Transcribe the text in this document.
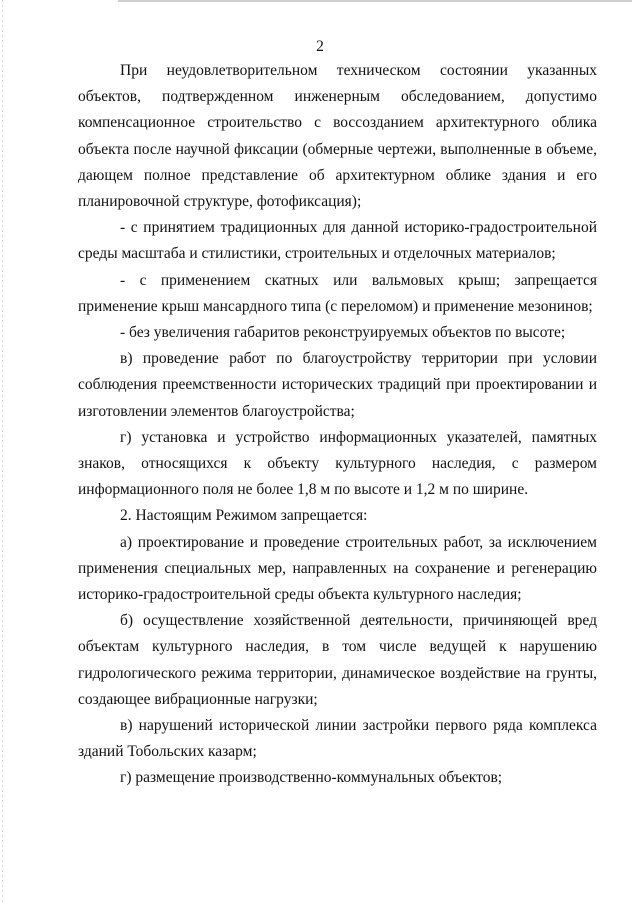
2

При неудовлетворительном техническом состоянии указанных объектов, подтвержденном инженерным обследованием, допустимо компенсационное строительство с воссозданием архитектурного облика объекта после научной фиксации (обмерные чертежи, выполненные в объеме, дающем полное представление об архитектурном облике здания и его планировочной структуре, фотофиксация);

- с принятием традиционных для данной историко-градостроительной среды масштаба и стилистики, строительных и отделочных материалов;

- с применением скатных или вальмовых крыш; запрещается применение крыш мансардного типа (с переломом) и применение мезонинов;

- без увеличения габаритов реконструируемых объектов по высоте;

в) проведение работ по благоустройству территории при условии соблюдения преемственности исторических традиций при проектировании и изготовлении элементов благоустройства;

г) установка и устройство информационных указателей, памятных знаков, относящихся к объекту культурного наследия, с размером информационного поля не более 1,8 м по высоте и 1,2 м по ширине.

2. Настоящим Режимом запрещается:

а) проектирование и проведение строительных работ, за исключением применения специальных мер, направленных на сохранение и регенерацию историко-градостроительной среды объекта культурного наследия;

б) осуществление хозяйственной деятельности, причиняющей вред объектам культурного наследия, в том числе ведущей к нарушению гидрологического режима территории, динамическое воздействие на грунты, создающее вибрационные нагрузки;

в) нарушений исторической линии застройки первого ряда комплекса зданий Тобольских казарм;

г) размещение производственно-коммунальных объектов;
